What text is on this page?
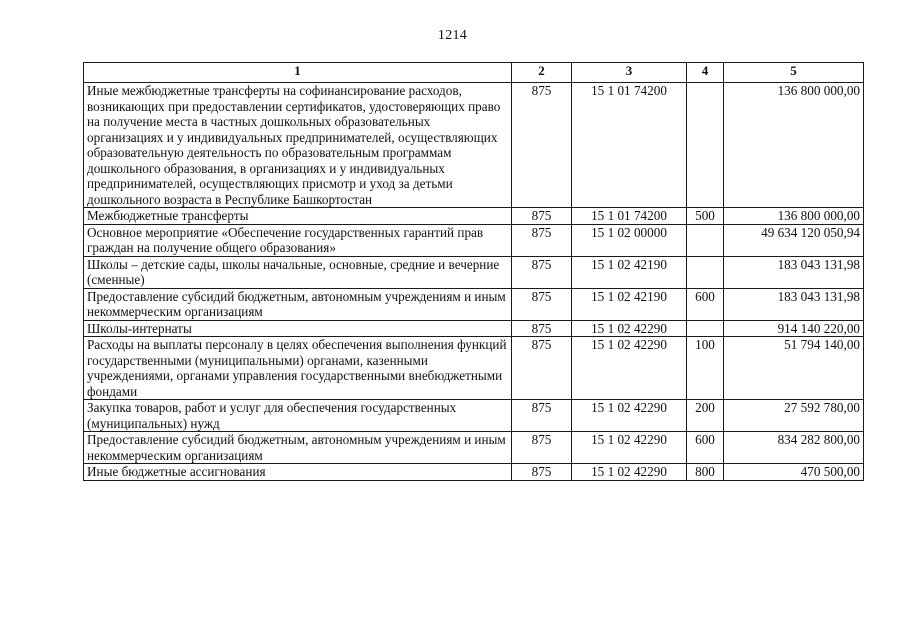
1214
1	2	3	4	5
Иные межбюджетные трансферты на софинансирование расходов, возникающих при предоставлении сертификатов, удостоверяющих право на получение места в частных дошкольных образовательных организациях и у индивидуальных предпринимателей, осуществляющих образовательную деятельность по образовательным программам дошкольного образования, в организациях и у индивидуальных предпринимателей, осуществляющих присмотр и уход за детьми дошкольного возраста в Республике Башкортостан	875	15 1 01 74200		136 800 000,00
Межбюджетные трансферты	875	15 1 01 74200	500	136 800 000,00
Основное мероприятие «Обеспечение государственных гарантий прав граждан на получение общего образования»	875	15 1 02 00000		49 634 120 050,94
Школы – детские сады, школы начальные, основные, средние и вечерние (сменные)	875	15 1 02 42190		183 043 131,98
Предоставление субсидий бюджетным, автономным учреждениям и иным некоммерческим организациям	875	15 1 02 42190	600	183 043 131,98
Школы-интернаты	875	15 1 02 42290		914 140 220,00
Расходы на выплаты персоналу в целях обеспечения выполнения функций государственными (муниципальными) органами, казенными учреждениями, органами управления государственными внебюджетными фондами	875	15 1 02 42290	100	51 794 140,00
Закупка товаров, работ и услуг для обеспечения государственных (муниципальных) нужд	875	15 1 02 42290	200	27 592 780,00
Предоставление субсидий бюджетным, автономным учреждениям и иным некоммерческим организациям	875	15 1 02 42290	600	834 282 800,00
Иные бюджетные ассигнования	875	15 1 02 42290	800	470 500,00
